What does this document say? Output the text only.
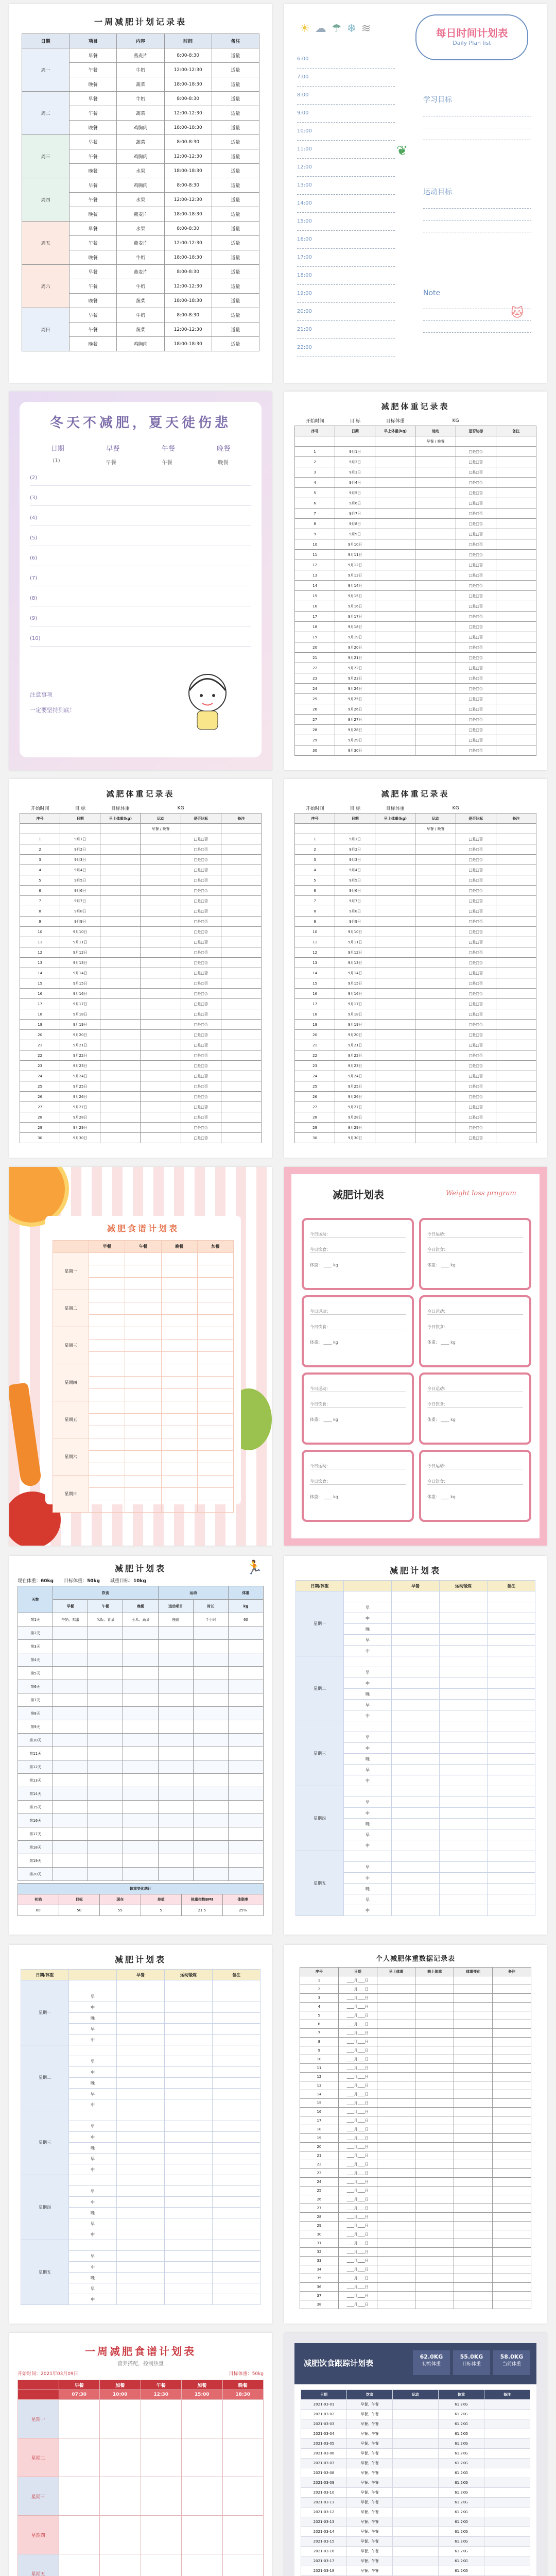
一周减肥计划记录表
日期	项目	内容	时间	备注
周一	早餐	燕麦片	8:00-8:30	适量
	午餐	牛奶	12:00-12:30	适量
	晚餐	蔬菜	18:00-18:30	适量
周二	早餐	牛奶	8:00-8:30	适量
	午餐	蔬菜	12:00-12:30	适量
	晚餐	鸡胸肉	18:00-18:30	适量
周三	早餐	蔬菜	8:00-8:30	适量
	午餐	鸡胸肉	12:00-12:30	适量
	晚餐	水果	18:00-18:30	适量
周四	早餐	鸡胸肉	8:00-8:30	适量
	午餐	水果	12:00-12:30	适量
	晚餐	燕麦片	18:00-18:30	适量
周五	早餐	水果	8:00-8:30	适量
	午餐	燕麦片	12:00-12:30	适量
	晚餐	牛奶	18:00-18:30	适量
周六	早餐	燕麦片	8:00-8:30	适量
	午餐	牛奶	12:00-12:30	适量
	晚餐	蔬菜	18:00-18:30	适量
周日	早餐	牛奶	8:00-8:30	适量
	午餐	蔬菜	12:00-12:30	适量
	晚餐	鸡胸肉	18:00-18:30	适量
☀ ☁ ☂ ❄ ≋	每日时间计划表
Daily Plan list
6:00
7:00
8:00
9:00
10:00
11:00
12:00
13:00
14:00
15:00
16:00
17:00
18:00
19:00
20:00
21:00
22:00
学习目标
运动目标
Note
❦
🐱
冬天不减肥，夏天徒伤悲
日期	早餐	午餐	晚餐
(1)	早餐	午餐	晚餐
(2)
(3)
(4)
(5)
(6)
(7)
(8)
(9)
(10)
注意事项
一定要坚持到底！
减肥体重记录表
开始时间	目 标	目标体重	KG		
序号	日期	早上体重(kg)	运动	是否达标	备注
			早餐 / 晚餐		
1	9月1日			□是□否	
2	9月2日			□是□否	
3	9月3日			□是□否	
4	9月4日			□是□否	
5	9月5日			□是□否	
6	9月6日			□是□否	
7	9月7日			□是□否	
8	9月8日			□是□否	
9	9月9日			□是□否	
10	9月10日			□是□否	
11	9月11日			□是□否	
12	9月12日			□是□否	
13	9月13日			□是□否	
14	9月14日			□是□否	
15	9月15日			□是□否	
16	9月16日			□是□否	
17	9月17日			□是□否	
18	9月18日			□是□否	
19	9月19日			□是□否	
20	9月20日			□是□否	
21	9月21日			□是□否	
22	9月22日			□是□否	
23	9月23日			□是□否	
24	9月24日			□是□否	
25	9月25日			□是□否	
26	9月26日			□是□否	
27	9月27日			□是□否	
28	9月28日			□是□否	
29	9月29日			□是□否	
30	9月30日			□是□否	
减肥体重记录表
开始时间	目 标	目标体重	KG		
序号	日期	早上体重(kg)	运动	是否达标	备注
			早餐 / 晚餐		
1	9月1日			□是□否	
2	9月2日			□是□否	
3	9月3日			□是□否	
4	9月4日			□是□否	
5	9月5日			□是□否	
6	9月6日			□是□否	
7	9月7日			□是□否	
8	9月8日			□是□否	
9	9月9日			□是□否	
10	9月10日			□是□否	
11	9月11日			□是□否	
12	9月12日			□是□否	
13	9月13日			□是□否	
14	9月14日			□是□否	
15	9月15日			□是□否	
16	9月16日			□是□否	
17	9月17日			□是□否	
18	9月18日			□是□否	
19	9月19日			□是□否	
20	9月20日			□是□否	
21	9月21日			□是□否	
22	9月22日			□是□否	
23	9月23日			□是□否	
24	9月24日			□是□否	
25	9月25日			□是□否	
26	9月26日			□是□否	
27	9月27日			□是□否	
28	9月28日			□是□否	
29	9月29日			□是□否	
30	9月30日			□是□否	
减肥体重记录表
开始时间	目 标	目标体重	KG		
序号	日期	早上体重(kg)	运动	是否达标	备注
			早餐 / 晚餐		
1	9月1日			□是□否	
2	9月2日			□是□否	
3	9月3日			□是□否	
4	9月4日			□是□否	
5	9月5日			□是□否	
6	9月6日			□是□否	
7	9月7日			□是□否	
8	9月8日			□是□否	
9	9月9日			□是□否	
10	9月10日			□是□否	
11	9月11日			□是□否	
12	9月12日			□是□否	
13	9月13日			□是□否	
14	9月14日			□是□否	
15	9月15日			□是□否	
16	9月16日			□是□否	
17	9月17日			□是□否	
18	9月18日			□是□否	
19	9月19日			□是□否	
20	9月20日			□是□否	
21	9月21日			□是□否	
22	9月22日			□是□否	
23	9月23日			□是□否	
24	9月24日			□是□否	
25	9月25日			□是□否	
26	9月26日			□是□否	
27	9月27日			□是□否	
28	9月28日			□是□否	
29	9月29日			□是□否	
30	9月30日			□是□否	
减肥食谱计划表
	早餐	午餐	晚餐	加餐
星期一				

星期二				

星期三				

星期四				

星期五				

星期六				

星期日				

减肥计划表	Weight loss program
今日运动：
今日饮食：
体重： ____ kg
今日运动：
今日饮食：
体重： ____ kg
今日运动：
今日饮食：
体重： ____ kg
今日运动：
今日饮食：
体重： ____ kg
今日运动：
今日饮食：
体重： ____ kg
今日运动：
今日饮食：
体重： ____ kg
今日运动：
今日饮食：
体重： ____ kg
今日运动：
今日饮食：
体重： ____ kg
减肥计划表	🏃
现在体重：60kg 目标体重：50kg 减重目标：10kg
天数	饮食			运动		体重
	早餐	午餐	晚餐	运动项目	时长	kg
第1天	牛奶、鸡蛋	米饭、青菜	玉米、蔬菜	慢跑	半小时	60
第2天						
第3天						
第4天						
第5天						
第6天						
第7天						
第8天						
第9天						
第10天						
第11天						
第12天						
第13天						
第14天						
第15天						
第16天						
第17天						
第18天						
第19天						
第20天						
体重变化统计					
初始	目标	现在	差值	体重指数BMI	体脂率
60	50	55	5	21.5	25%
减肥计划表
日期/体重		早餐	运动锻炼	备注
星期一				
	早			
	中			
	晚			
	早			
	中			
星期二				
	早			
	中			
	晚			
	早			
	中			
星期三				
	早			
	中			
	晚			
	早			
	中			
星期四				
	早			
	中			
	晚			
	早			
	中			
星期五				
	早			
	中			
	晚			
	早			
	中			
减肥计划表
日期/体重		早餐	运动锻炼	备注
星期一				
	早			
	中			
	晚			
	早			
	中			
星期二				
	早			
	中			
	晚			
	早			
	中			
星期三				
	早			
	中			
	晚			
	早			
	中			
星期四				
	早			
	中			
	晚			
	早			
	中			
星期五				
	早			
	中			
	晚			
	早			
	中			
个人减肥体重数据记录表
序号	日期	早上体重	晚上体重	体重变化	备注
1	____月____日				
2	____月____日				
3	____月____日				
4	____月____日				
5	____月____日				
6	____月____日				
7	____月____日				
8	____月____日				
9	____月____日				
10	____月____日				
11	____月____日				
12	____月____日				
13	____月____日				
14	____月____日				
15	____月____日				
16	____月____日				
17	____月____日				
18	____月____日				
19	____月____日				
20	____月____日				
21	____月____日				
22	____月____日				
23	____月____日				
24	____月____日				
25	____月____日				
26	____月____日				
27	____月____日				
28	____月____日				
29	____月____日				
30	____月____日				
31	____月____日				
32	____月____日				
33	____月____日				
34	____月____日				
35	____月____日				
36	____月____日				
37	____月____日				
38	____月____日				
一周减肥食谱计划表
营养搭配，控制热量
开始时间：2021年03月09日	目标体重：50kg
	早餐	加餐	午餐	加餐	晚餐
	07:30	10:00	12:30	15:00	18:30
星期一					
星期二					
星期三					
星期四					
星期五					

减肥饮食跟踪计划表
62.0KG
初始体重
55.0KG
目标体重
58.0KG
当前体重
日期	饮食	运动	体重	备注
2021-03-01	早餐、午餐		61.2KG	
2021-03-02	早餐、午餐		61.2KG	
2021-03-03	早餐、午餐		61.2KG	
2021-03-04	早餐、午餐		61.2KG	
2021-03-05	早餐、午餐		61.2KG	
2021-03-06	早餐、午餐		61.2KG	
2021-03-07	早餐、午餐		61.2KG	
2021-03-08	早餐、午餐		61.2KG	
2021-03-09	早餐、午餐		61.2KG	
2021-03-10	早餐、午餐		61.2KG	
2021-03-11	早餐、午餐		61.2KG	
2021-03-12	早餐、午餐		61.2KG	
2021-03-13	早餐、午餐		61.2KG	
2021-03-14	早餐、午餐		61.2KG	
2021-03-15	早餐、午餐		61.2KG	
2021-03-16	早餐、午餐		61.2KG	
2021-03-17	早餐、午餐		61.2KG	
2021-03-18	早餐、午餐		61.2KG	
